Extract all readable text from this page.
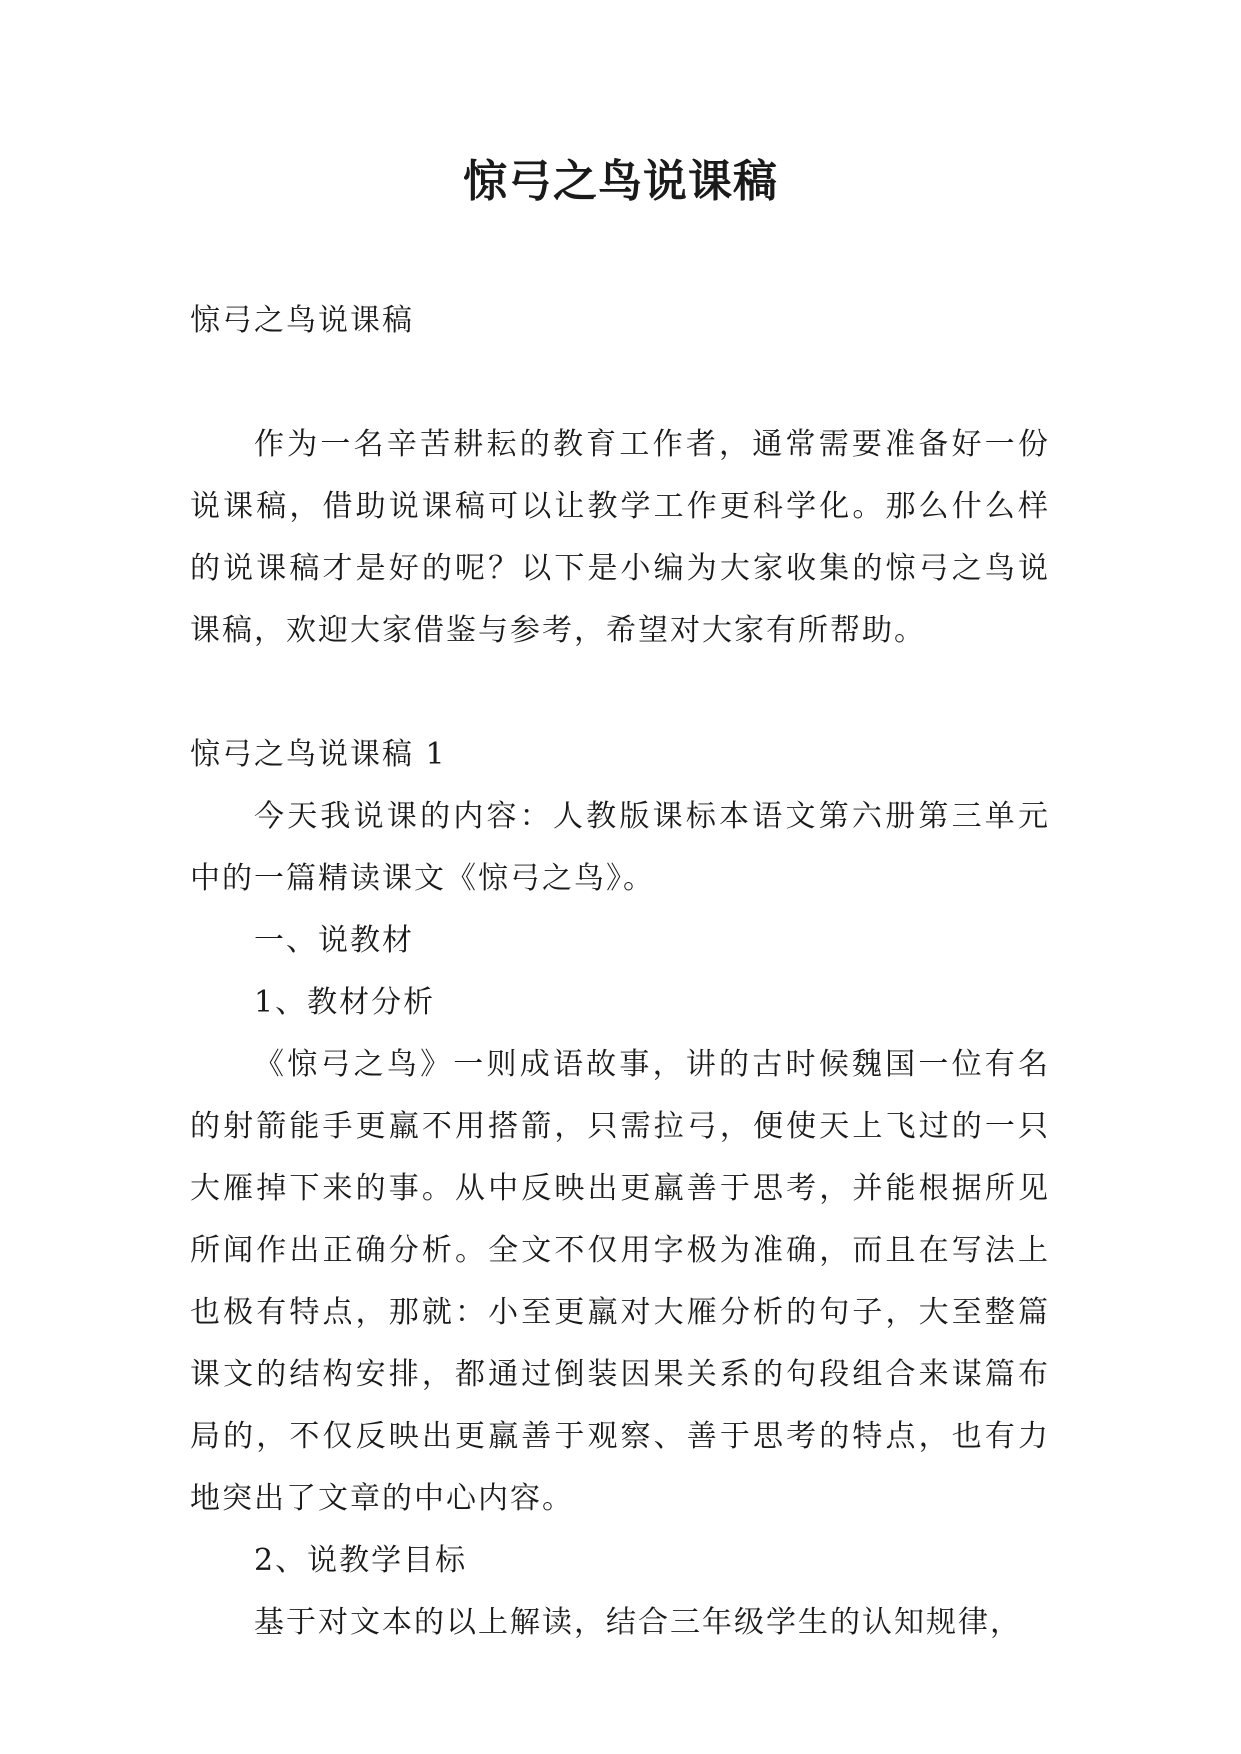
惊弓之鸟说课稿

惊弓之鸟说课稿

作为一名辛苦耕耘的教育工作者，通常需要准备好一份说课稿，借助说课稿可以让教学工作更科学化。那么什么样的说课稿才是好的呢？以下是小编为大家收集的惊弓之鸟说课稿，欢迎大家借鉴与参考，希望对大家有所帮助。

惊弓之鸟说课稿 1

今天我说课的内容：人教版课标本语文第六册第三单元中的一篇精读课文《惊弓之鸟》。

一、说教材

1、教材分析

《惊弓之鸟》一则成语故事，讲的古时候魏国一位有名的射箭能手更羸不用搭箭，只需拉弓，便使天上飞过的一只大雁掉下来的事。从中反映出更羸善于思考，并能根据所见所闻作出正确分析。全文不仅用字极为准确，而且在写法上也极有特点，那就：小至更羸对大雁分析的句子，大至整篇课文的结构安排，都通过倒装因果关系的句段组合来谋篇布局的，不仅反映出更羸善于观察、善于思考的特点，也有力地突出了文章的中心内容。

2、说教学目标

基于对文本的以上解读，结合三年级学生的认知规律，
